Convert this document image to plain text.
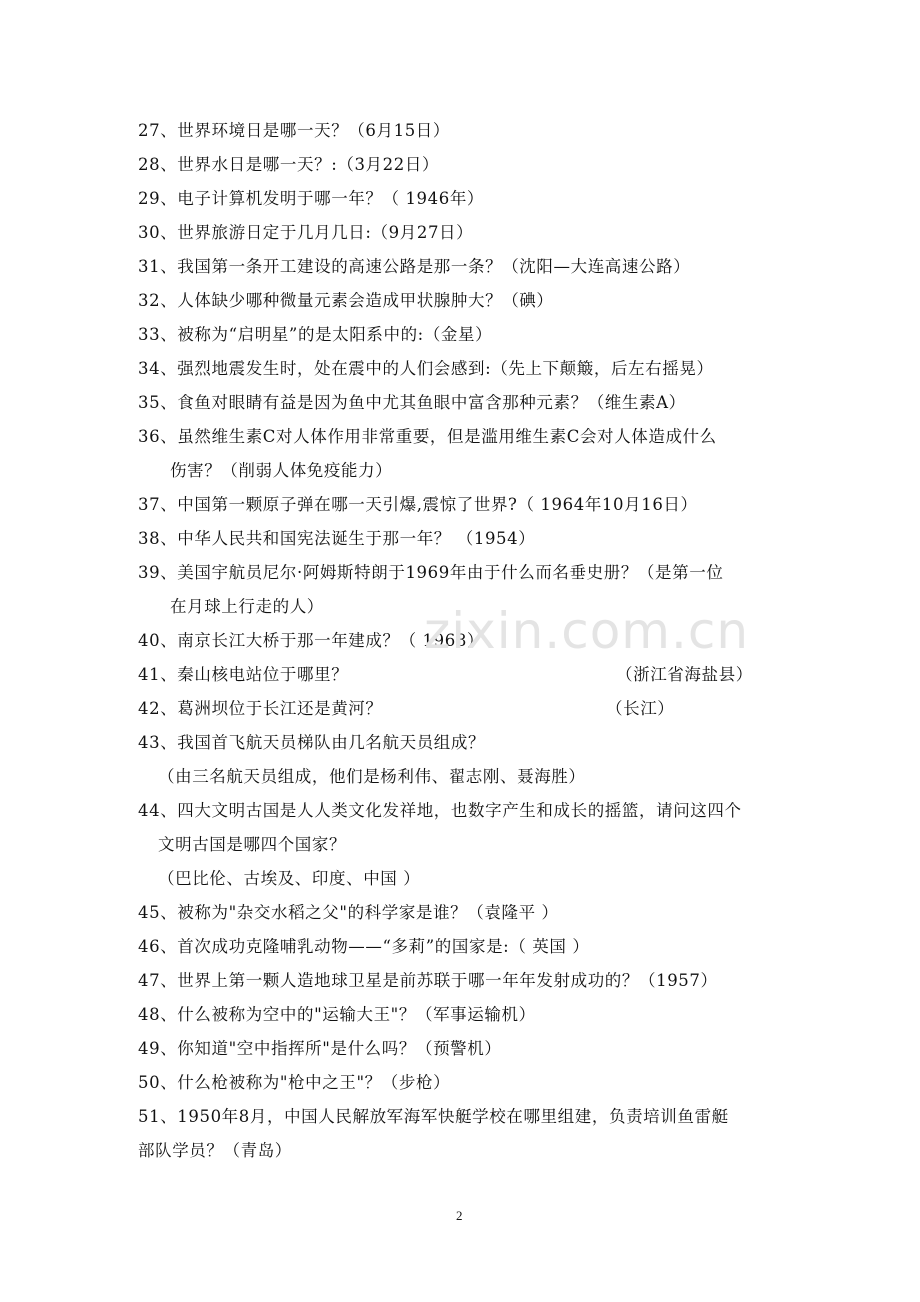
27、世界环境日是哪一天？（6月15日）
28、世界水日是哪一天？:（3月22日）
29、电子计算机发明于哪一年？（ 1946年）
30、世界旅游日定于几月几日:（9月27日）
31、我国第一条开工建设的高速公路是那一条？（沈阳—大连高速公路）
32、人体缺少哪种微量元素会造成甲状腺肿大？（碘）
33、被称为“启明星”的是太阳系中的:（金星）
34、强烈地震发生时，处在震中的人们会感到:（先上下颠簸，后左右摇晃）
35、食鱼对眼睛有益是因为鱼中尤其鱼眼中富含那种元素？（维生素A）
36、虽然维生素C对人体作用非常重要，但是滥用维生素C会对人体造成什么
伤害？（削弱人体免疫能力）
37、中国第一颗原子弹在哪一天引爆,震惊了世界?（ 1964年10月16日）
38、中华人民共和国宪法诞生于那一年？ （1954）
39、美国宇航员尼尔·阿姆斯特朗于1969年由于什么而名垂史册？（是第一位
在月球上行走的人）
40、南京长江大桥于那一年建成？（ 1968）
41、秦山核电站位于哪里？	（浙江省海盐县）
42、葛洲坝位于长江还是黄河？	（长江）
43、我国首飞航天员梯队由几名航天员组成？
（由三名航天员组成，他们是杨利伟、翟志刚、聂海胜）
44、四大文明古国是人人类文化发祥地，也数字产生和成长的摇篮，请问这四个
文明古国是哪四个国家？
（巴比伦、古埃及、印度、中国 ）
45、被称为"杂交水稻之父"的科学家是谁？（袁隆平 ）
46、首次成功克隆哺乳动物——“多莉”的国家是:（ 英国 ）
47、世界上第一颗人造地球卫星是前苏联于哪一年年发射成功的？（1957）
48、什么被称为空中的"运输大王"？（军事运输机）
49、你知道"空中指挥所"是什么吗？（预警机）
50、什么枪被称为"枪中之王"？（步枪）
51、1950年8月，中国人民解放军海军快艇学校在哪里组建，负责培训鱼雷艇
部队学员？（青岛）
zixin.com.cn
2
